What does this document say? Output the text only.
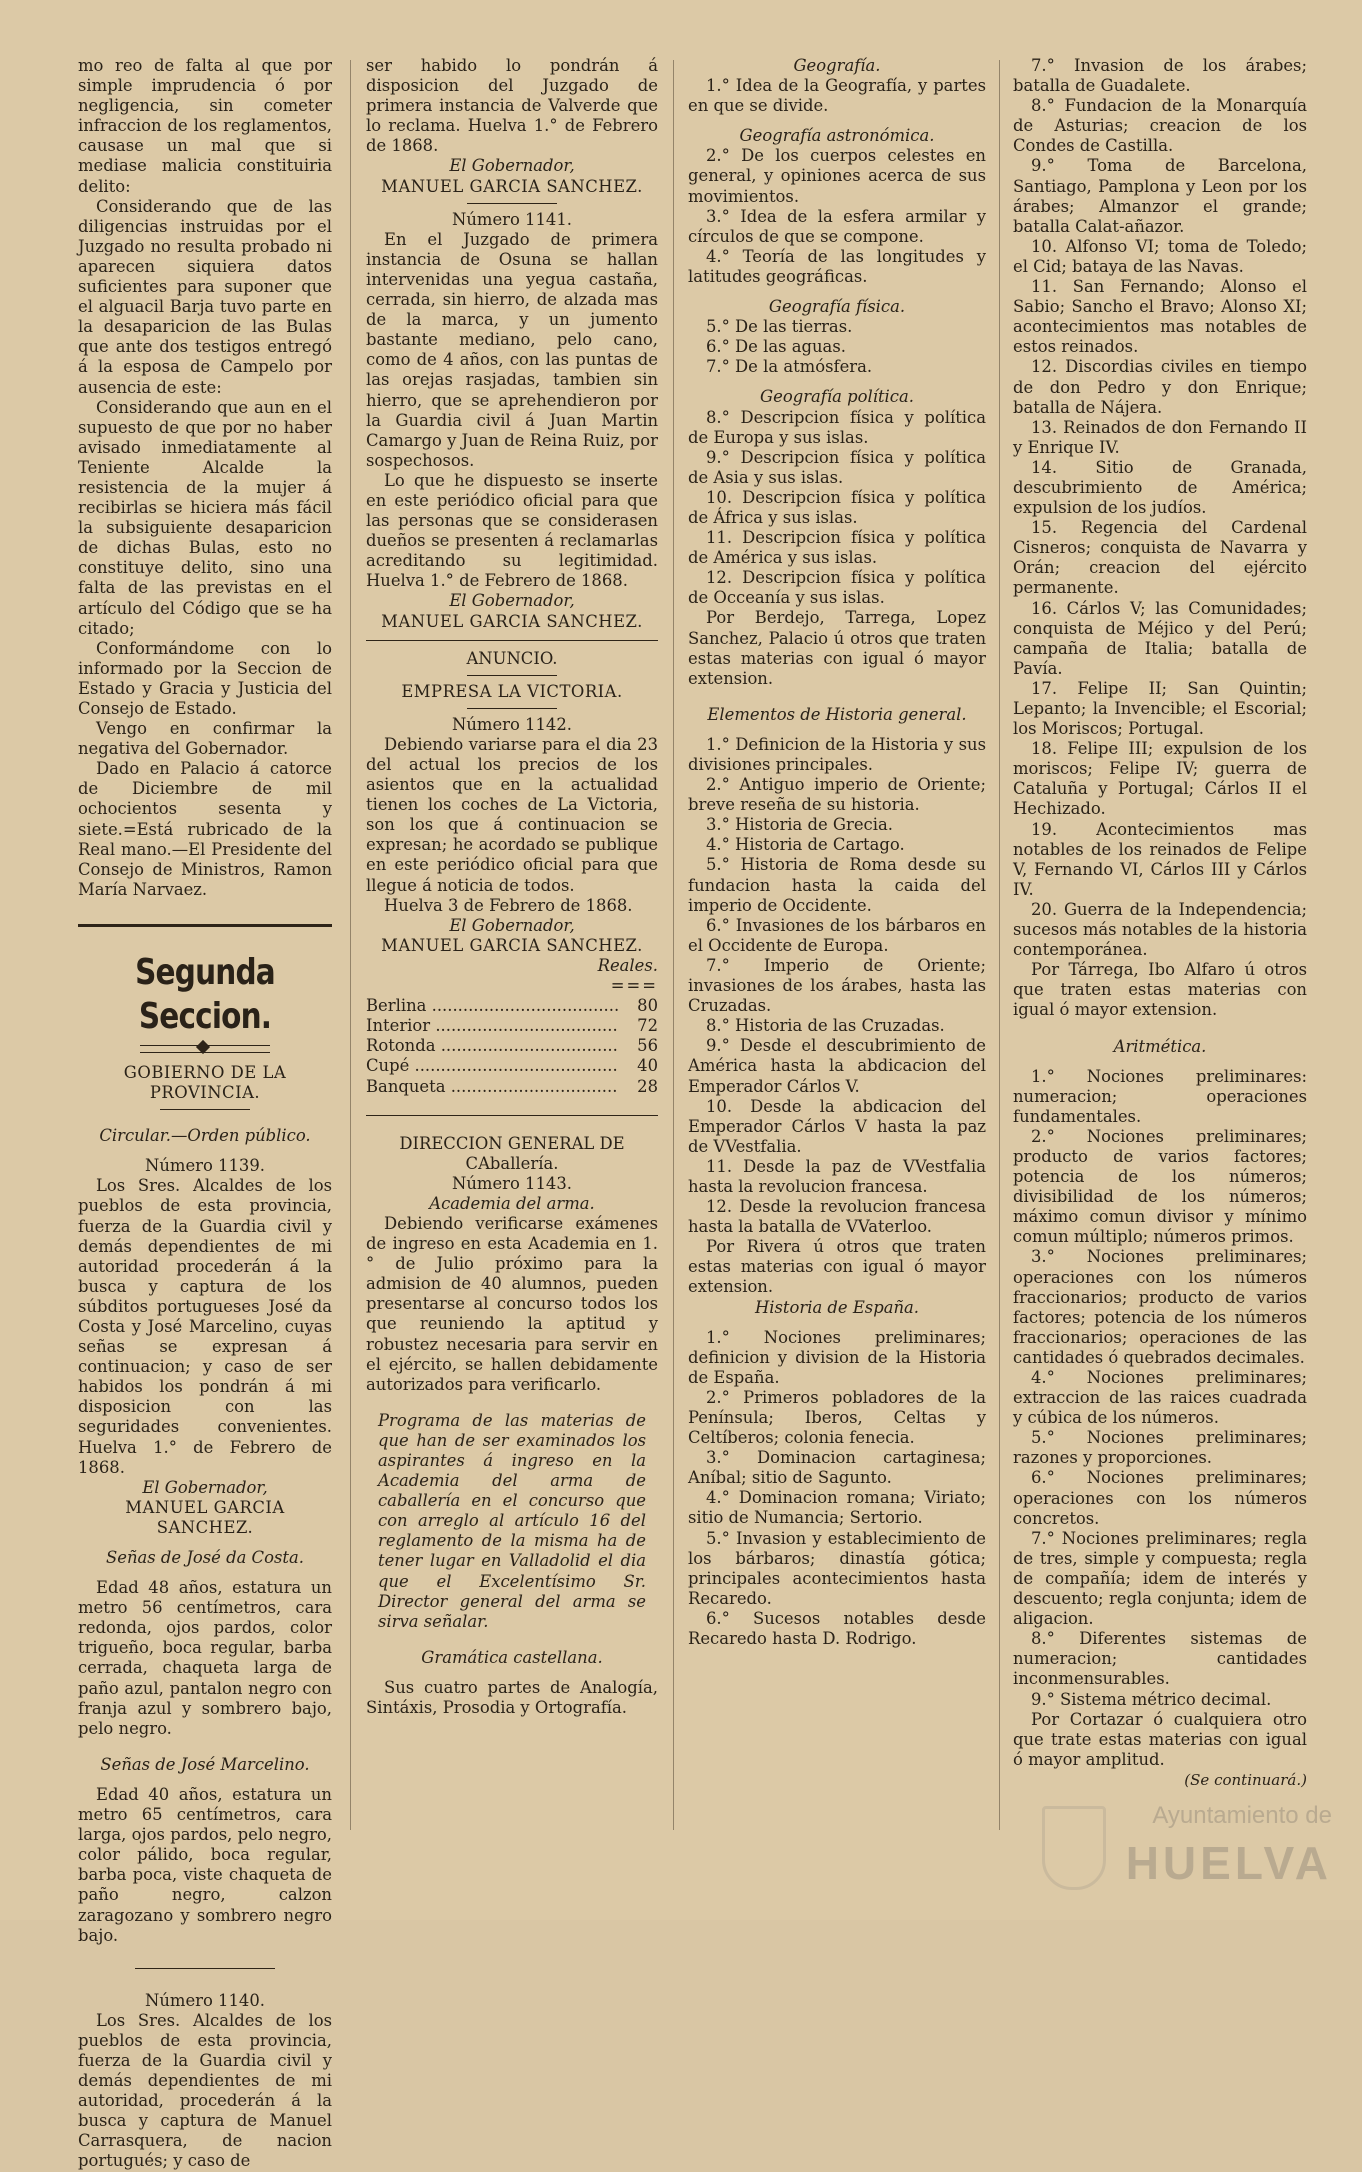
mo reo de falta al que por simple imprudencia ó por negligencia, sin cometer infraccion de los reglamentos, causase un mal que si mediase malicia constituiria delito:

Considerando que de las diligencias instruidas por el Juzgado no resulta probado ni aparecen siquiera datos suficientes para suponer que el alguacil Barja tuvo parte en la desaparicion de las Bulas que ante dos testigos entregó á la esposa de Campelo por ausencia de este:

Considerando que aun en el supuesto de que por no haber avisado inmediatamente al Teniente Alcalde la resistencia de la mujer á recibirlas se hiciera más fácil la subsiguiente desaparicion de dichas Bulas, esto no constituye delito, sino una falta de las previstas en el artículo del Código que se ha citado;

Conformándome con lo informado por la Seccion de Estado y Gracia y Justicia del Consejo de Estado.

Vengo en confirmar la negativa del Gobernador.

Dado en Palacio á catorce de Diciembre de mil ochocientos sesenta y siete.=Está rubricado de la Real mano.—El Presidente del Consejo de Ministros, Ramon María Narvaez.

Segunda Seccion.

GOBIERNO DE LA PROVINCIA.

Circular.—Orden público.

Número 1139.

Los Sres. Alcaldes de los pueblos de esta provincia, fuerza de la Guardia civil y demás dependientes de mi autoridad procederán á la busca y captura de los súbditos portugueses José da Costa y José Marcelino, cuyas señas se expresan á continuacion; y caso de ser habidos los pondrán á mi disposicion con las seguridades convenientes. Huelva 1.° de Febrero de 1868.

El Gobernador,

MANUEL GARCIA SANCHEZ.

Señas de José da Costa.

Edad 48 años, estatura un metro 56 centímetros, cara redonda, ojos pardos, color trigueño, boca regular, barba cerrada, chaqueta larga de paño azul, pantalon negro con franja azul y sombrero bajo, pelo negro.

Señas de José Marcelino.

Edad 40 años, estatura un metro 65 centímetros, cara larga, ojos pardos, pelo negro, color pálido, boca regular, barba poca, viste chaqueta de paño negro, calzon zaragozano y sombrero negro bajo.

Número 1140.

Los Sres. Alcaldes de los pueblos de esta provincia, fuerza de la Guardia civil y demás dependientes de mi autoridad, procederán á la busca y captura de Manuel Carrasquera, de nacion portugués; y caso de

ser habido lo pondrán á disposicion del Juzgado de primera instancia de Valverde que lo reclama. Huelva 1.° de Febrero de 1868.

El Gobernador,

MANUEL GARCIA SANCHEZ.

Número 1141.

En el Juzgado de primera instancia de Osuna se hallan intervenidas una yegua castaña, cerrada, sin hierro, de alzada mas de la marca, y un jumento bastante mediano, pelo cano, como de 4 años, con las puntas de las orejas rasjadas, tambien sin hierro, que se aprehendieron por la Guardia civil á Juan Martin Camargo y Juan de Reina Ruiz, por sospechosos.

Lo que he dispuesto se inserte en este periódico oficial para que las personas que se considerasen dueños se presenten á reclamarlas acreditando su legitimidad. Huelva 1.° de Febrero de 1868.

El Gobernador,

MANUEL GARCIA SANCHEZ.

ANUNCIO.

EMPRESA LA VICTORIA.

Número 1142.

Debiendo variarse para el dia 23 del actual los precios de los asientos que en la actualidad tienen los coches de La Victoria, son los que á continuacion se expresan; he acordado se publique en este periódico oficial para que llegue á noticia de todos.

Huelva 3 de Febrero de 1868.

El Gobernador,

MANUEL GARCIA SANCHEZ.

Reales.

===

Berlina .....	80
Interior .....	72
Rotonda .....	56
Cupé .....	40
Banqueta .....	28

DIRECCION GENERAL DE CAballería.

Número 1143.

Academia del arma.

Debiendo verificarse exámenes de ingreso en esta Academia en 1.° de Julio próximo para la admision de 40 alumnos, pueden presentarse al concurso todos los que reuniendo la aptitud y robustez necesaria para servir en el ejército, se hallen debidamente autorizados para verificarlo.

Programa de las materias de que han de ser examinados los aspirantes á ingreso en la Academia del arma de caballería en el concurso que con arreglo al artículo 16 del reglamento de la misma ha de tener lugar en Valladolid el dia que el Excelentísimo Sr. Director general del arma se sirva señalar.

Gramática castellana.

Sus cuatro partes de Analogía, Sintáxis, Prosodia y Ortografía.

Geografía.

1.° Idea de la Geografía, y partes en que se divide.

Geografía astronómica.

2.° De los cuerpos celestes en general, y opiniones acerca de sus movimientos.

3.° Idea de la esfera armilar y círculos de que se compone.

4.° Teoría de las longitudes y latitudes geográficas.

Geografía física.

5.° De las tierras.

6.° De las aguas.

7.° De la atmósfera.

Geografía política.

8.° Descripcion física y política de Europa y sus islas.

9.° Descripcion física y política de Asia y sus islas.

10. Descripcion física y política de África y sus islas.

11. Descripcion física y política de América y sus islas.

12. Descripcion física y política de Occeanía y sus islas.

Por Berdejo, Tarrega, Lopez Sanchez, Palacio ú otros que traten estas materias con igual ó mayor extension.

Elementos de Historia general.

1.° Definicion de la Historia y sus divisiones principales.

2.° Antiguo imperio de Oriente; breve reseña de su historia.

3.° Historia de Grecia.

4.° Historia de Cartago.

5.° Historia de Roma desde su fundacion hasta la caida del imperio de Occidente.

6.° Invasiones de los bárbaros en el Occidente de Europa.

7.° Imperio de Oriente; invasiones de los árabes, hasta las Cruzadas.

8.° Historia de las Cruzadas.

9.° Desde el descubrimiento de América hasta la abdicacion del Emperador Cárlos V.

10. Desde la abdicacion del Emperador Cárlos V hasta la paz de VVestfalia.

11. Desde la paz de VVestfalia hasta la revolucion francesa.

12. Desde la revolucion francesa hasta la batalla de VVaterloo.

Por Rivera ú otros que traten estas materias con igual ó mayor extension.

Historia de España.

1.° Nociones preliminares; definicion y division de la Historia de España.

2.° Primeros pobladores de la Península; Iberos, Celtas y Celtíberos; colonia fenecia.

3.° Dominacion cartaginesa; Aníbal; sitio de Sagunto.

4.° Dominacion romana; Viriato; sitio de Numancia; Sertorio.

5.° Invasion y establecimiento de los bárbaros; dinastía gótica; principales acontecimientos hasta Recaredo.

6.° Sucesos notables desde Recaredo hasta D. Rodrigo.

7.° Invasion de los árabes; batalla de Guadalete.

8.° Fundacion de la Monarquía de Asturias; creacion de los Condes de Castilla.

9.° Toma de Barcelona, Santiago, Pamplona y Leon por los árabes; Almanzor el grande; batalla Calat-añazor.

10. Alfonso VI; toma de Toledo; el Cid; bataya de las Navas.

11. San Fernando; Alonso el Sabio; Sancho el Bravo; Alonso XI; acontecimientos mas notables de estos reinados.

12. Discordias civiles en tiempo de don Pedro y don Enrique; batalla de Nájera.

13. Reinados de don Fernando II y Enrique IV.

14. Sitio de Granada, descubrimiento de América; expulsion de los judíos.

15. Regencia del Cardenal Cisneros; conquista de Navarra y Orán; creacion del ejército permanente.

16. Cárlos V; las Comunidades; conquista de Méjico y del Perú; campaña de Italia; batalla de Pavía.

17. Felipe II; San Quintin; Lepanto; la Invencible; el Escorial; los Moriscos; Portugal.

18. Felipe III; expulsion de los moriscos; Felipe IV; guerra de Cataluña y Portugal; Cárlos II el Hechizado.

19. Acontecimientos mas notables de los reinados de Felipe V, Fernando VI, Cárlos III y Cárlos IV.

20. Guerra de la Independencia; sucesos más notables de la historia contemporánea.

Por Tárrega, Ibo Alfaro ú otros que traten estas materias con igual ó mayor extension.

Aritmética.

1.° Nociones preliminares: numeracion; operaciones fundamentales.

2.° Nociones preliminares; producto de varios factores; potencia de los números; divisibilidad de los números; máximo comun divisor y mínimo comun múltiplo; números primos.

3.° Nociones preliminares; operaciones con los números fraccionarios; producto de varios factores; potencia de los números fraccionarios; operaciones de las cantidades ó quebrados decimales.

4.° Nociones preliminares; extraccion de las raices cuadrada y cúbica de los números.

5.° Nociones preliminares; razones y proporciones.

6.° Nociones preliminares; operaciones con los números concretos.

7.° Nociones preliminares; regla de tres, simple y compuesta; regla de compañía; idem de interés y descuento; regla conjunta; idem de aligacion.

8.° Diferentes sistemas de numeracion; cantidades inconmensurables.

9.° Sistema métrico decimal.

Por Cortazar ó cualquiera otro que trate estas materias con igual ó mayor amplitud.

(Se continuará.)

Ayuntamiento de
HUELVA
